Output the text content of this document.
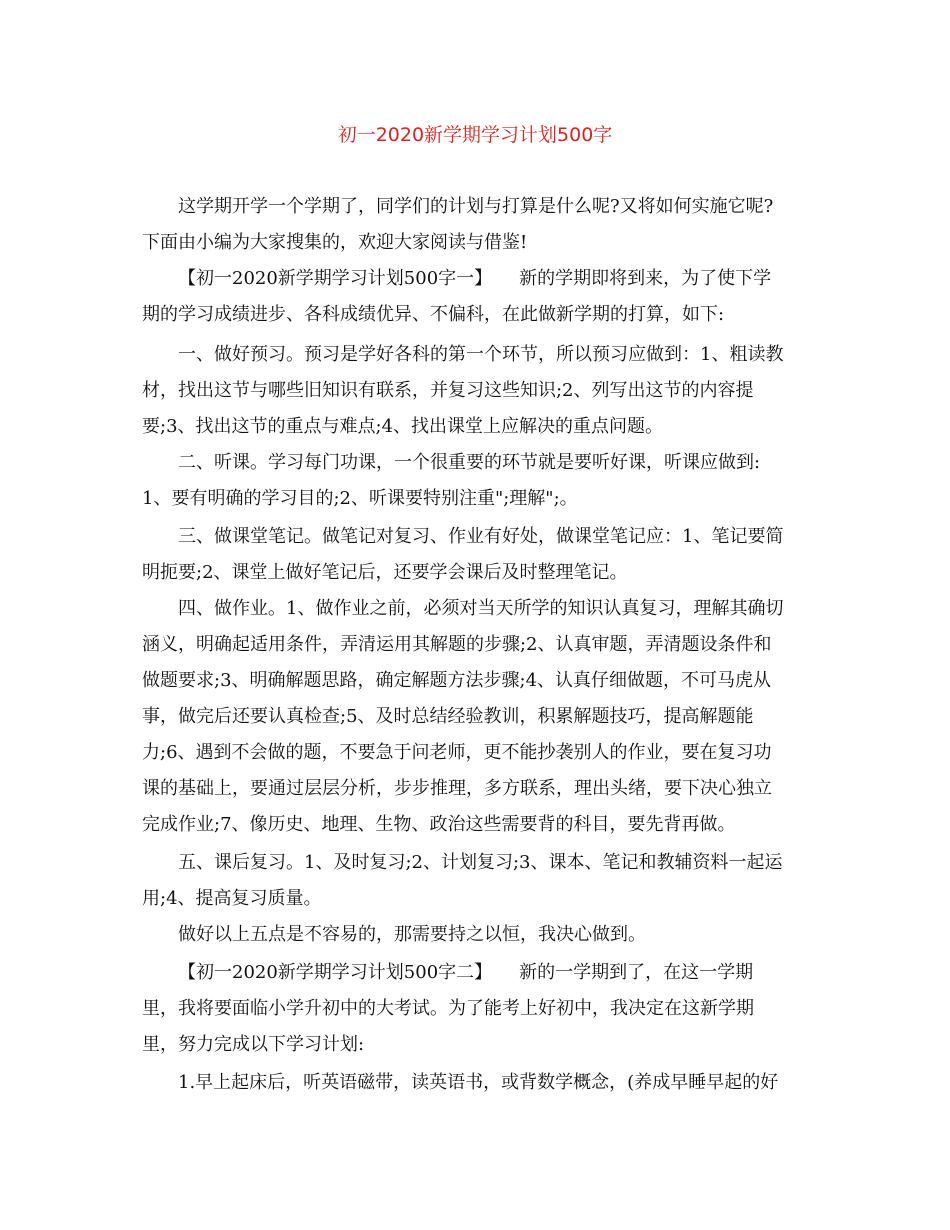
初一2020新学期学习计划500字
这学期开学一个学期了，同学们的计划与打算是什么呢?又将如何实施它呢?
下面由小编为大家搜集的，欢迎大家阅读与借鉴!
【初一2020新学期学习计划500字一】　　新的学期即将到来，为了使下学
期的学习成绩进步、各科成绩优异、不偏科，在此做新学期的打算，如下:
一、做好预习。预习是学好各科的第一个环节，所以预习应做到：1、粗读教
材，找出这节与哪些旧知识有联系，并复习这些知识;2、列写出这节的内容提
要;3、找出这节的重点与难点;4、找出课堂上应解决的重点问题。
二、听课。学习每门功课，一个很重要的环节就是要听好课，听课应做到:
1、要有明确的学习目的;2、听课要特别注重";理解";。
三、做课堂笔记。做笔记对复习、作业有好处，做课堂笔记应：1、笔记要简
明扼要;2、课堂上做好笔记后，还要学会课后及时整理笔记。
四、做作业。1、做作业之前，必须对当天所学的知识认真复习，理解其确切
涵义，明确起适用条件，弄清运用其解题的步骤;2、认真审题，弄清题设条件和
做题要求;3、明确解题思路，确定解题方法步骤;4、认真仔细做题，不可马虎从
事，做完后还要认真检查;5、及时总结经验教训，积累解题技巧，提高解题能
力;6、遇到不会做的题，不要急于问老师，更不能抄袭别人的作业，要在复习功
课的基础上，要通过层层分析，步步推理，多方联系，理出头绪，要下决心独立
完成作业;7、像历史、地理、生物、政治这些需要背的科目，要先背再做。
五、课后复习。1、及时复习;2、计划复习;3、课本、笔记和教辅资料一起运
用;4、提高复习质量。
做好以上五点是不容易的，那需要持之以恒，我决心做到。
【初一2020新学期学习计划500字二】　　新的一学期到了，在这一学期
里，我将要面临小学升初中的大考试。为了能考上好初中，我决定在这新学期
里，努力完成以下学习计划:
1.早上起床后，听英语磁带，读英语书，或背数学概念，(养成早睡早起的好
